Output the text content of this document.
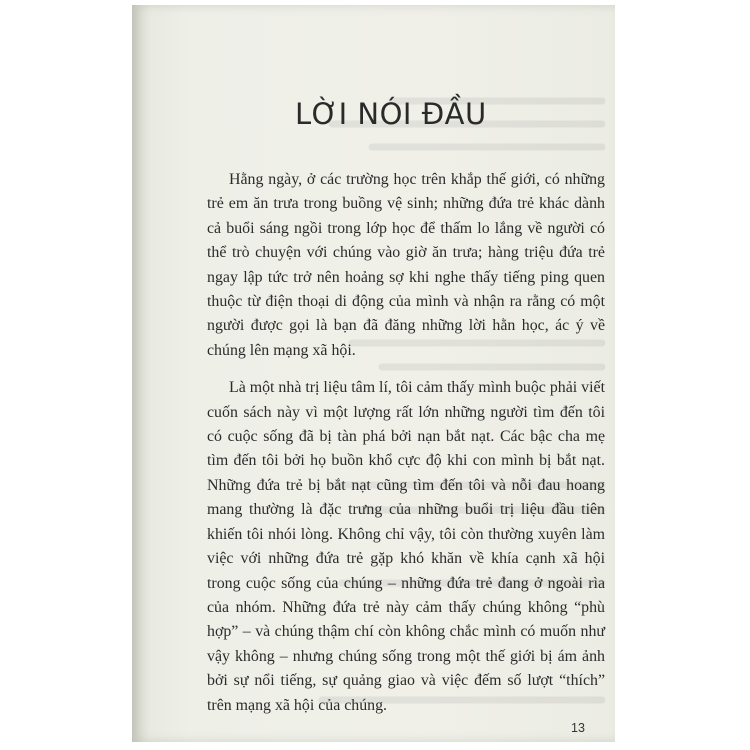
LỜI NÓI ĐẦU

Hằng ngày, ở các trường học trên khắp thế giới, có những trẻ em ăn trưa trong buồng vệ sinh; những đứa trẻ khác dành cả buổi sáng ngồi trong lớp học để thấm lo lắng về người có thể trò chuyện với chúng vào giờ ăn trưa; hàng triệu đứa trẻ ngay lập tức trở nên hoảng sợ khi nghe thấy tiếng ping quen thuộc từ điện thoại di động của mình và nhận ra rằng có một người được gọi là bạn đã đăng những lời hằn học, ác ý về chúng lên mạng xã hội.

Là một nhà trị liệu tâm lí, tôi cảm thấy mình buộc phải viết cuốn sách này vì một lượng rất lớn những người tìm đến tôi có cuộc sống đã bị tàn phá bởi nạn bắt nạt. Các bậc cha mẹ tìm đến tôi bởi họ buồn khổ cực độ khi con mình bị bắt nạt. Những đứa trẻ bị bắt nạt cũng tìm đến tôi và nỗi đau hoang mang thường là đặc trưng của những buổi trị liệu đầu tiên khiến tôi nhói lòng. Không chỉ vậy, tôi còn thường xuyên làm việc với những đứa trẻ gặp khó khăn về khía cạnh xã hội trong cuộc sống của chúng – những đứa trẻ đang ở ngoài rìa của nhóm. Những đứa trẻ này cảm thấy chúng không “phù hợp” – và chúng thậm chí còn không chắc mình có muốn như vậy không – nhưng chúng sống trong một thế giới bị ám ảnh bởi sự nổi tiếng, sự quảng giao và việc đếm số lượt “thích” trên mạng xã hội của chúng.

13
